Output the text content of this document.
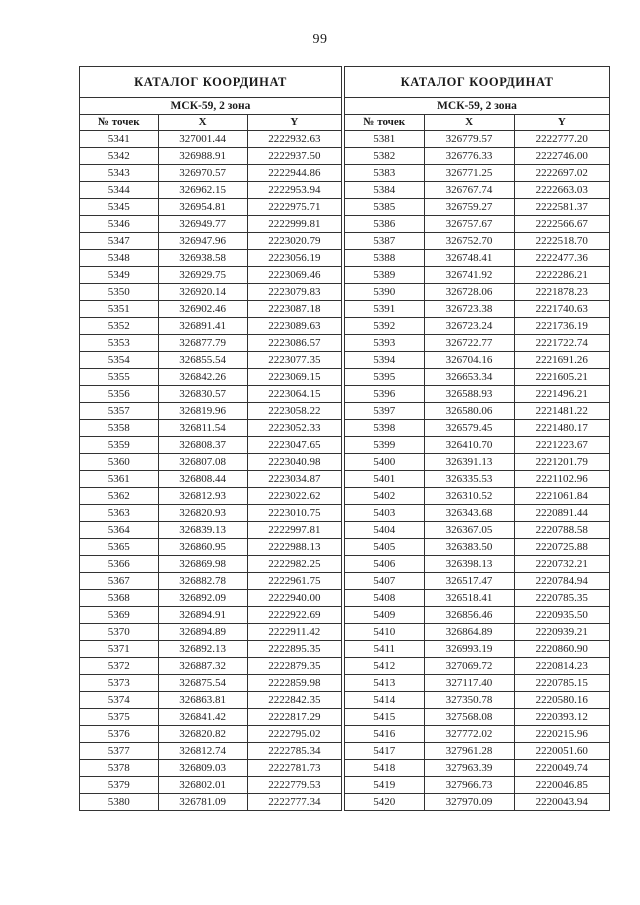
99
КАТАЛОГ КООРДИНАТ		
МСК-59, 2 зона		
№ точек	X	Y
5341	327001.44	2222932.63
5342	326988.91	2222937.50
5343	326970.57	2222944.86
5344	326962.15	2222953.94
5345	326954.81	2222975.71
5346	326949.77	2222999.81
5347	326947.96	2223020.79
5348	326938.58	2223056.19
5349	326929.75	2223069.46
5350	326920.14	2223079.83
5351	326902.46	2223087.18
5352	326891.41	2223089.63
5353	326877.79	2223086.57
5354	326855.54	2223077.35
5355	326842.26	2223069.15
5356	326830.57	2223064.15
5357	326819.96	2223058.22
5358	326811.54	2223052.33
5359	326808.37	2223047.65
5360	326807.08	2223040.98
5361	326808.44	2223034.87
5362	326812.93	2223022.62
5363	326820.93	2223010.75
5364	326839.13	2222997.81
5365	326860.95	2222988.13
5366	326869.98	2222982.25
5367	326882.78	2222961.75
5368	326892.09	2222940.00
5369	326894.91	2222922.69
5370	326894.89	2222911.42
5371	326892.13	2222895.35
5372	326887.32	2222879.35
5373	326875.54	2222859.98
5374	326863.81	2222842.35
5375	326841.42	2222817.29
5376	326820.82	2222795.02
5377	326812.74	2222785.34
5378	326809.03	2222781.73
5379	326802.01	2222779.53
5380	326781.09	2222777.34
КАТАЛОГ КООРДИНАТ		
МСК-59, 2 зона		
№ точек	X	Y
5381	326779.57	2222777.20
5382	326776.33	2222746.00
5383	326771.25	2222697.02
5384	326767.74	2222663.03
5385	326759.27	2222581.37
5386	326757.67	2222566.67
5387	326752.70	2222518.70
5388	326748.41	2222477.36
5389	326741.92	2222286.21
5390	326728.06	2221878.23
5391	326723.38	2221740.63
5392	326723.24	2221736.19
5393	326722.77	2221722.74
5394	326704.16	2221691.26
5395	326653.34	2221605.21
5396	326588.93	2221496.21
5397	326580.06	2221481.22
5398	326579.45	2221480.17
5399	326410.70	2221223.67
5400	326391.13	2221201.79
5401	326335.53	2221102.96
5402	326310.52	2221061.84
5403	326343.68	2220891.44
5404	326367.05	2220788.58
5405	326383.50	2220725.88
5406	326398.13	2220732.21
5407	326517.47	2220784.94
5408	326518.41	2220785.35
5409	326856.46	2220935.50
5410	326864.89	2220939.21
5411	326993.19	2220860.90
5412	327069.72	2220814.23
5413	327117.40	2220785.15
5414	327350.78	2220580.16
5415	327568.08	2220393.12
5416	327772.02	2220215.96
5417	327961.28	2220051.60
5418	327963.39	2220049.74
5419	327966.73	2220046.85
5420	327970.09	2220043.94
